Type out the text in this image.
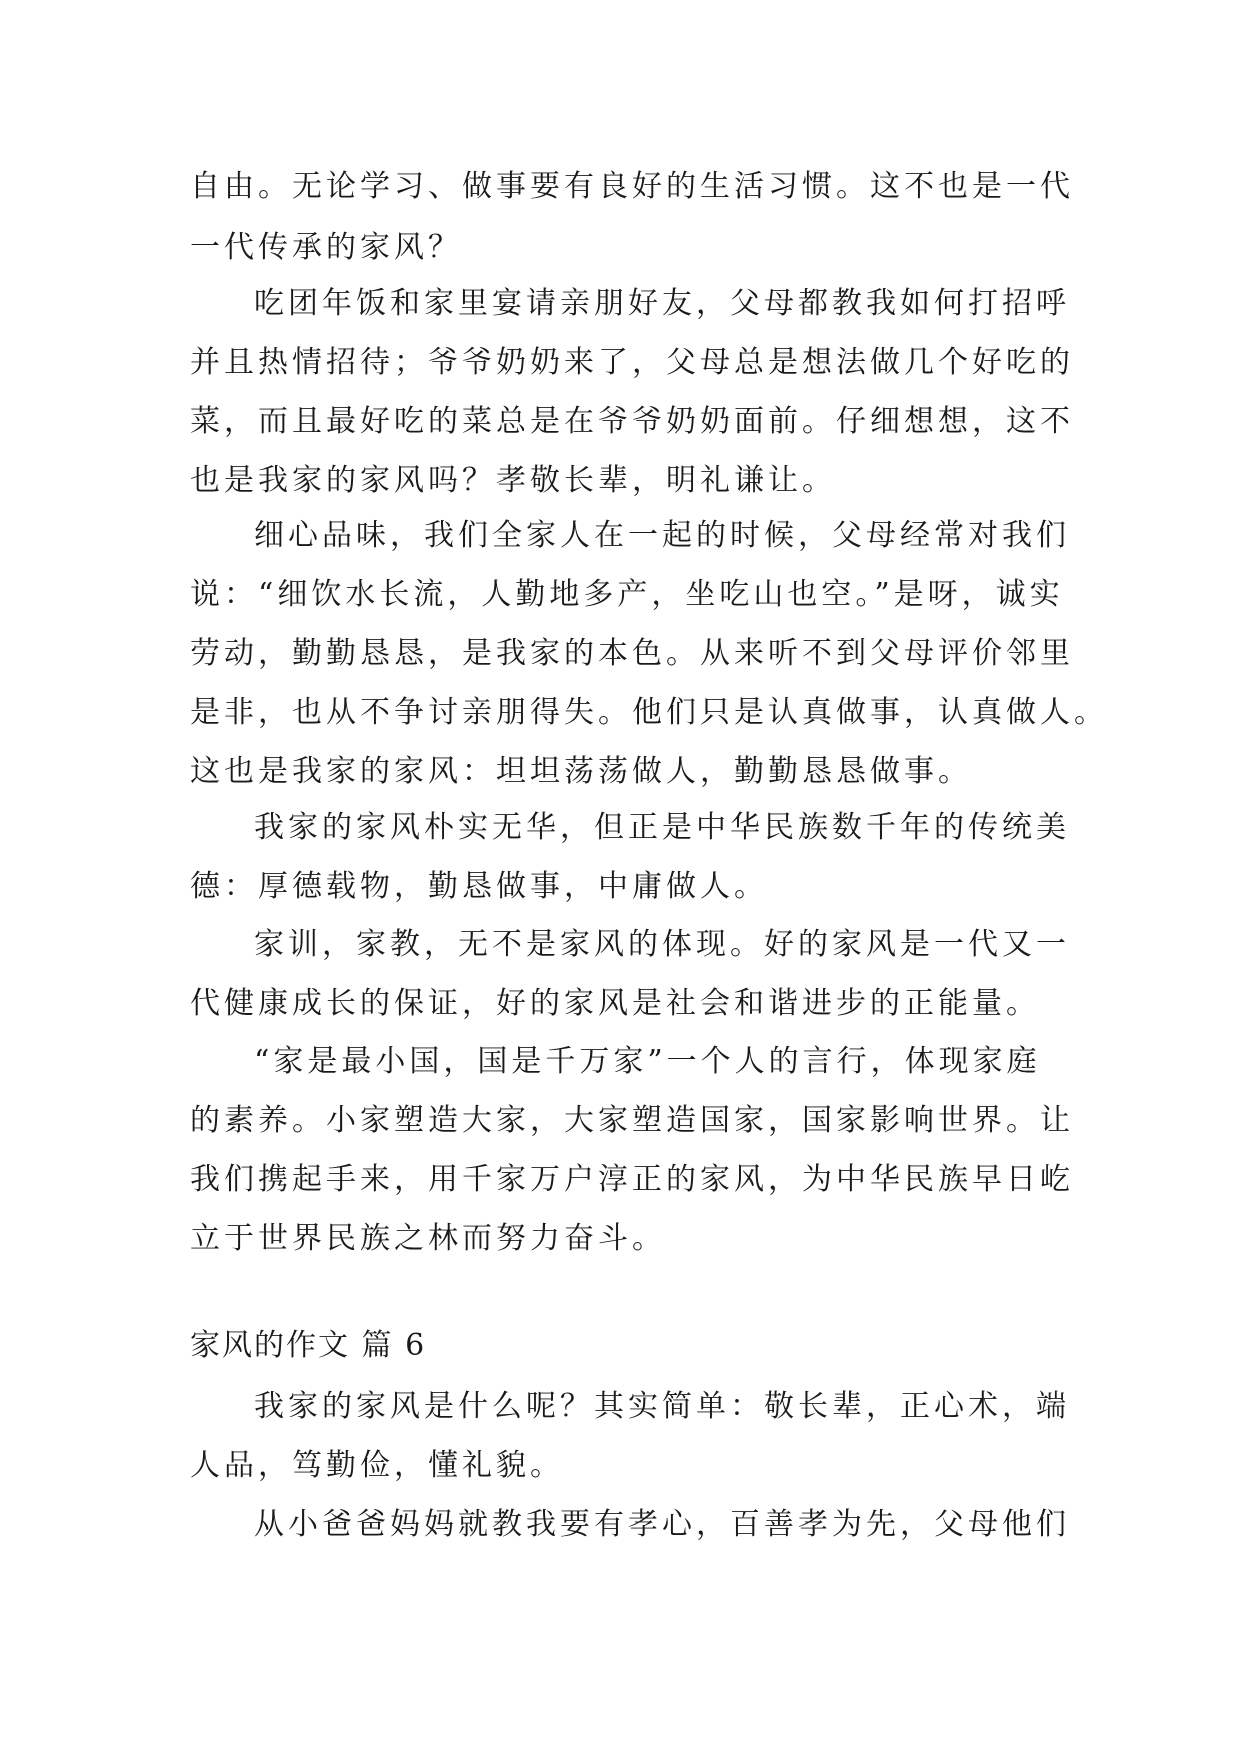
自由。无论学习、做事要有良好的生活习惯。这不也是一代
一代传承的家风？
吃团年饭和家里宴请亲朋好友，父母都教我如何打招呼
并且热情招待；爷爷奶奶来了，父母总是想法做几个好吃的
菜，而且最好吃的菜总是在爷爷奶奶面前。仔细想想，这不
也是我家的家风吗？孝敬长辈，明礼谦让。
细心品味，我们全家人在一起的时候，父母经常对我们
说：“细饮水长流，人勤地多产，坐吃山也空。”是呀，诚实
劳动，勤勤恳恳，是我家的本色。从来听不到父母评价邻里
是非，也从不争讨亲朋得失。他们只是认真做事，认真做人。
这也是我家的家风：坦坦荡荡做人，勤勤恳恳做事。
我家的家风朴实无华，但正是中华民族数千年的传统美
德：厚德载物，勤恳做事，中庸做人。
家训，家教，无不是家风的体现。好的家风是一代又一
代健康成长的保证，好的家风是社会和谐进步的正能量。
“家是最小国，国是千万家”一个人的言行，体现家庭
的素养。小家塑造大家，大家塑造国家，国家影响世界。让
我们携起手来，用千家万户淳正的家风，为中华民族早日屹
立于世界民族之林而努力奋斗。
家风的作文 篇 6
我家的家风是什么呢？其实简单：敬长辈，正心术，端
人品，笃勤俭，懂礼貌。
从小爸爸妈妈就教我要有孝心，百善孝为先，父母他们
